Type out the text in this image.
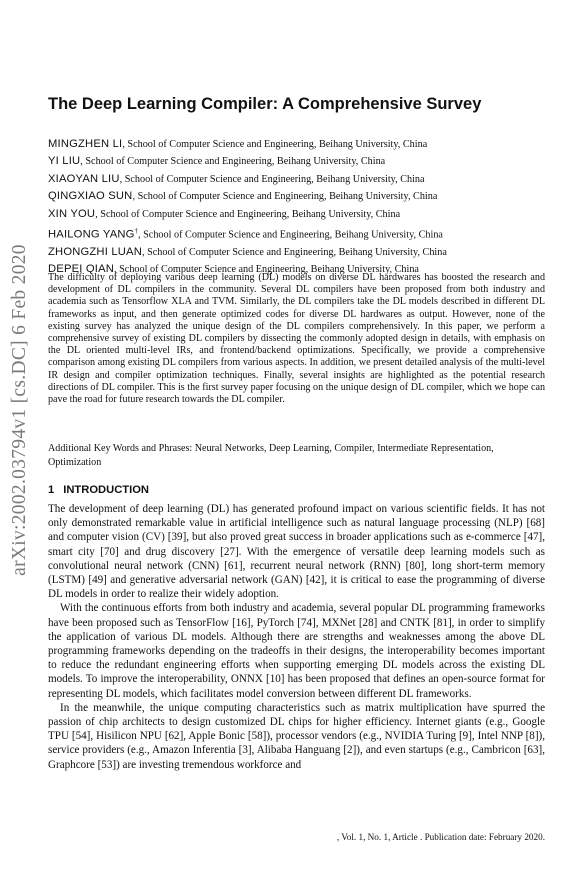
arXiv:2002.03794v1 [cs.DC] 6 Feb 2020
The Deep Learning Compiler: A Comprehensive Survey
MINGZHEN LI, School of Computer Science and Engineering, Beihang University, China
YI LIU, School of Computer Science and Engineering, Beihang University, China
XIAOYAN LIU, School of Computer Science and Engineering, Beihang University, China
QINGXIAO SUN, School of Computer Science and Engineering, Beihang University, China
XIN YOU, School of Computer Science and Engineering, Beihang University, China
HAILONG YANG†, School of Computer Science and Engineering, Beihang University, China
ZHONGZHI LUAN, School of Computer Science and Engineering, Beihang University, China
DEPEI QIAN, School of Computer Science and Engineering, Beihang University, China

The difficulty of deploying various deep learning (DL) models on diverse DL hardwares has boosted the research and development of DL compilers in the community. Several DL compilers have been proposed from both industry and academia such as Tensorflow XLA and TVM. Similarly, the DL compilers take the DL models described in different DL frameworks as input, and then generate optimized codes for diverse DL hardwares as output. However, none of the existing survey has analyzed the unique design of the DL compilers comprehensively. In this paper, we perform a comprehensive survey of existing DL compilers by dissecting the commonly adopted design in details, with emphasis on the DL oriented multi-level IRs, and frontend/backend optimizations. Specifically, we provide a comprehensive comparison among existing DL compilers from various aspects. In addition, we present detailed analysis of the multi-level IR design and compiler optimization techniques. Finally, several insights are highlighted as the potential research directions of DL compiler. This is the first survey paper focusing on the unique design of DL compiler, which we hope can pave the road for future research towards the DL compiler.

Additional Key Words and Phrases: Neural Networks, Deep Learning, Compiler, Intermediate Representation, Optimization

1 INTRODUCTION

The development of deep learning (DL) has generated profound impact on various scientific fields. It has not only demonstrated remarkable value in artificial intelligence such as natural language processing (NLP) [68] and computer vision (CV) [39], but also proved great success in broader applications such as e-commerce [47], smart city [70] and drug discovery [27]. With the emergence of versatile deep learning models such as convolutional neural network (CNN) [61], recurrent neural network (RNN) [80], long short-term memory (LSTM) [49] and generative adversarial network (GAN) [42], it is critical to ease the programming of diverse DL models in order to realize their widely adoption.

With the continuous efforts from both industry and academia, several popular DL programming frameworks have been proposed such as TensorFlow [16], PyTorch [74], MXNet [28] and CNTK [81], in order to simplify the application of various DL models. Although there are strengths and weaknesses among the above DL programming frameworks depending on the tradeoffs in their designs, the interoperability becomes important to reduce the redundant engineering efforts when supporting emerging DL models across the existing DL models. To improve the interoperability, ONNX [10] has been proposed that defines an open-source format for representing DL models, which facilitates model conversion between different DL frameworks.

In the meanwhile, the unique computing characteristics such as matrix multiplication have spurred the passion of chip architects to design customized DL chips for higher efficiency. Internet giants (e.g., Google TPU [54], Hisilicon NPU [62], Apple Bonic [58]), processor vendors (e.g., NVIDIA Turing [9], Intel NNP [8]), service providers (e.g., Amazon Inferentia [3], Alibaba Hanguang [2]), and even startups (e.g., Cambricon [63], Graphcore [53]) are investing tremendous workforce and

, Vol. 1, No. 1, Article . Publication date: February 2020.
